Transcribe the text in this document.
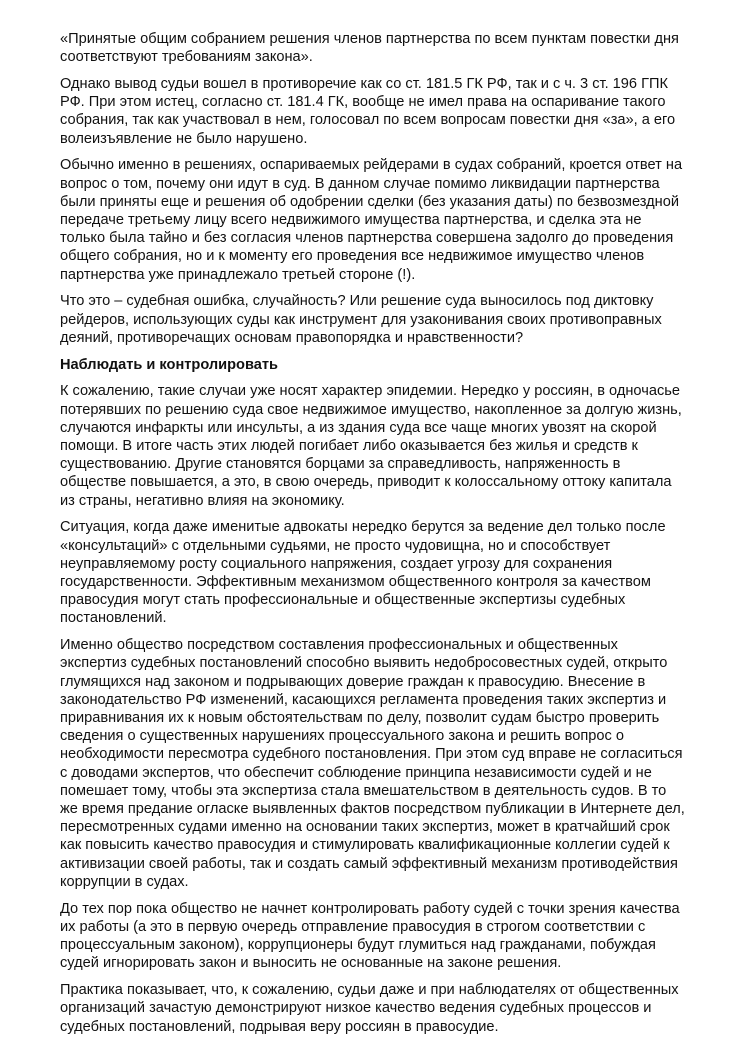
«Принятые общим собранием решения членов партнерства по всем пунктам повестки дня
соответствуют требованиям закона».
Однако вывод судьи вошел в противоречие как со ст. 181.5 ГК РФ, так и с ч. 3 ст. 196 ГПК
РФ. При этом истец, согласно ст. 181.4 ГК, вообще не имел права на оспаривание такого
собрания, так как участвовал в нем, голосовал по всем вопросам повестки дня «за», а его
волеизъявление не было нарушено.
Обычно именно в решениях, оспариваемых рейдерами в судах собраний, кроется ответ на
вопрос о том, почему они идут в суд. В данном случае помимо ликвидации партнерства
были приняты еще и решения об одобрении сделки (без указания даты) по безвозмездной
передаче третьему лицу всего недвижимого имущества партнерства, и сделка эта не
только была тайно и без согласия членов партнерства совершена задолго до проведения
общего собрания, но и к моменту его проведения все недвижимое имущество членов
партнерства уже принадлежало третьей стороне (!).
Что это – судебная ошибка, случайность? Или решение суда выносилось под диктовку
рейдеров, использующих суды как инструмент для узаконивания своих противоправных
деяний, противоречащих основам правопорядка и нравственности?
Наблюдать и контролировать
К сожалению, такие случаи уже носят характер эпидемии. Нередко у россиян, в одночасье
потерявших по решению суда свое недвижимое имущество, накопленное за долгую жизнь,
случаются инфаркты или инсульты, а из здания суда все чаще многих увозят на скорой
помощи. В итоге часть этих людей погибает либо оказывается без жилья и средств к
существованию. Другие становятся борцами за справедливость, напряженность в
обществе повышается, а это, в свою очередь, приводит к колоссальному оттоку капитала
из страны, негативно влияя на экономику.
Ситуация, когда даже именитые адвокаты нередко берутся за ведение дел только после
«консультаций» с отдельными судьями, не просто чудовищна, но и способствует
неуправляемому росту социального напряжения, создает угрозу для сохранения
государственности. Эффективным механизмом общественного контроля за качеством
правосудия могут стать профессиональные и общественные экспертизы судебных
постановлений.
Именно общество посредством составления профессиональных и общественных
экспертиз судебных постановлений способно выявить недобросовестных судей, открыто
глумящихся над законом и подрывающих доверие граждан к правосудию. Внесение в
законодательство РФ изменений, касающихся регламента проведения таких экспертиз и
приравнивания их к новым обстоятельствам по делу, позволит судам быстро проверить
сведения о существенных нарушениях процессуального закона и решить вопрос о
необходимости пересмотра судебного постановления. При этом суд вправе не согласиться
с доводами экспертов, что обеспечит соблюдение принципа независимости судей и не
помешает тому, чтобы эта экспертиза стала вмешательством в деятельность судов. В то
же время предание огласке выявленных фактов посредством публикации в Интернете дел,
пересмотренных судами именно на основании таких экспертиз, может в кратчайший срок
как повысить качество правосудия и стимулировать квалификационные коллегии судей к
активизации своей работы, так и создать самый эффективный механизм противодействия
коррупции в судах.
До тех пор пока общество не начнет контролировать работу судей с точки зрения качества
их работы (а это в первую очередь отправление правосудия в строгом соответствии с
процессуальным законом), коррупционеры будут глумиться над гражданами, побуждая
судей игнорировать закон и выносить не основанные на законе решения.
Практика показывает, что, к сожалению, судьи даже и при наблюдателях от общественных
организаций зачастую демонстрируют низкое качество ведения судебных процессов и
судебных постановлений, подрывая веру россиян в правосудие.
